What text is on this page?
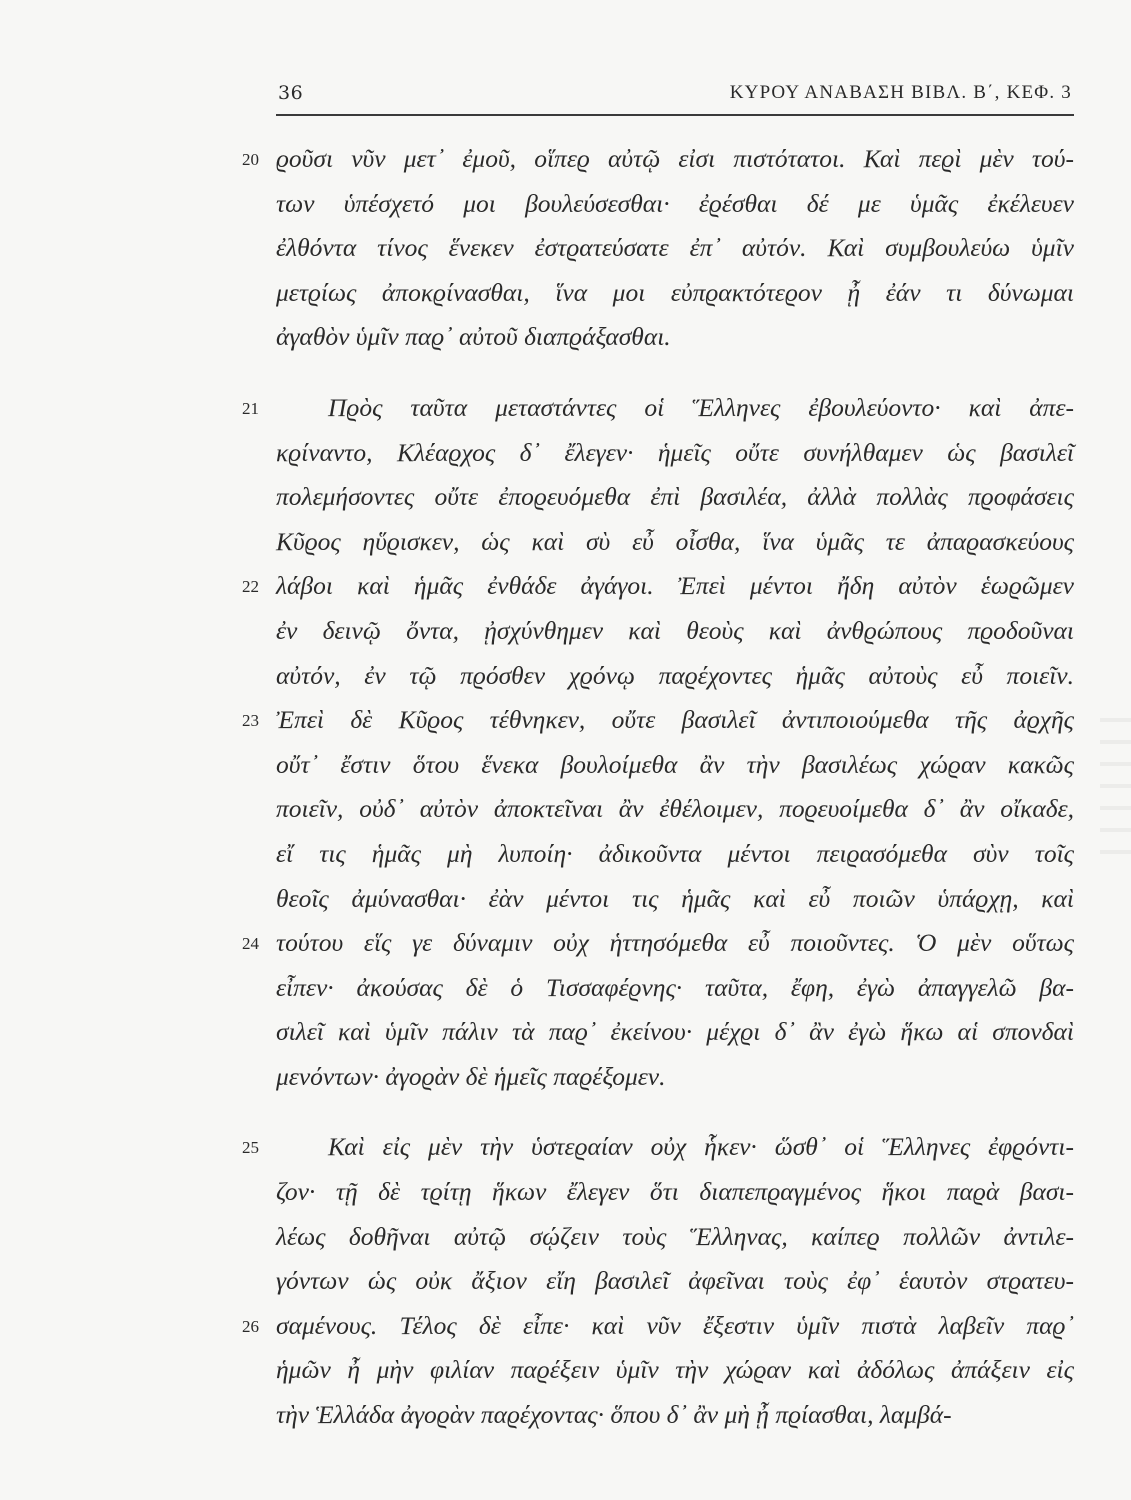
36	ΚΥΡΟΥ ΑΝΑΒΑΣΗ ΒΙΒΛ. Β΄, ΚΕΦ. 3
20 ϱοῦσι νῦν μετ᾽ ἐμοῦ, οἵπεϱ αὐτῷ εἰσι πιστότατοι. Καὶ πεϱὶ μὲν τού-
των ὑπέσχετό μοι βουλεύσεσθαι· ἐϱέσθαι δέ με ὑμᾶς ἐκέλευεν
ἐλθόντα τίνος ἕνεκεν ἐστϱατεύσατε ἐπ᾽ αὐτόν. Καὶ συμβουλεύω ὑμῖν
μετϱίως ἀποκϱίνασθαι, ἵνα μοι εὐπϱακτότεϱον ᾖ ἐάν τι δύνωμαι
ἀγαθὸν ὑμῖν παϱ᾽ αὐτοῦ διαπϱάξασθαι.
21	Πϱὸς ταῦτα μεταστάντες οἱ Ἕλληνες ἐβουλεύοντο· καὶ ἀπε-
κϱίναντο, Κλέαϱχος δ᾽ ἔλεγεν· ἡμεῖς οὔτε συνήλθαμεν ὡς βασιλεῖ
πολεμήσοντες οὔτε ἐποϱευόμεθα ἐπὶ βασιλέα, ἀλλὰ πολλὰς πϱοφάσεις
Κῦϱος ηὕϱισκεν, ὡς καὶ σὺ εὖ οἶσθα, ἵνα ὑμᾶς τε ἀπαϱασκεύους
22 λάβοι καὶ ἡμᾶς ἐνθάδε ἀγάγοι. Ἐπεὶ μέντοι ἤδη αὐτὸν ἑωϱῶμεν
ἐν δεινῷ ὄντα, ᾐσχύνθημεν καὶ θεοὺς καὶ ἀνθϱώπους πϱοδοῦναι
αὐτόν, ἐν τῷ πϱόσθεν χϱόνῳ παϱέχοντες ἡμᾶς αὐτοὺς εὖ ποιεῖν.
23 Ἐπεὶ δὲ Κῦϱος τέθνηκεν, οὔτε βασιλεῖ ἀντιποιούμεθα τῆς ἀϱχῆς
οὔτ᾽ ἔστιν ὅτου ἕνεκα βουλοίμεθα ἂν τὴν βασιλέως χώϱαν κακῶς
ποιεῖν, οὐδ᾽ αὐτὸν ἀποκτεῖναι ἂν ἐθέλοιμεν, ποϱευοίμεθα δ᾽ ἂν οἴκαδε,
εἴ τις ἡμᾶς μὴ λυποίη· ἀδικοῦντα μέντοι πειϱασόμεθα σὺν τοῖς
θεοῖς ἀμύνασθαι· ἐὰν μέντοι τις ἡμᾶς καὶ εὖ ποιῶν ὑπάϱχῃ, καὶ
24 τούτου εἵς γε δύναμιν οὐχ ἡττησόμεθα εὖ ποιοῦντες. Ὁ μὲν οὕτως
εἶπεν· ἀκούσας δὲ ὁ Τισσαφέϱνης· ταῦτα, ἔφη, ἐγὼ ἀπαγγελῶ βα-
σιλεῖ καὶ ὑμῖν πάλιν τὰ παϱ᾽ ἐκείνου· μέχϱι δ᾽ ἂν ἐγὼ ἥκω αἱ σπονδαὶ
μενόντων· ἀγοϱὰν δὲ ἡμεῖς παϱέξομεν.
25	Καὶ εἰς μὲν τὴν ὑστεϱαίαν οὐχ ἧκεν· ὥσθ᾽ οἱ Ἕλληνες ἐφϱόντι-
ζον· τῇ δὲ τϱίτῃ ἥκων ἔλεγεν ὅτι διαπεπϱαγμένος ἥκοι παϱὰ βασι-
λέως δοθῆναι αὐτῷ σῴζειν τοὺς Ἕλληνας, καίπεϱ πολλῶν ἀντιλε-
γόντων ὡς οὐκ ἄξιον εἴη βασιλεῖ ἀφεῖναι τοὺς ἐφ᾽ ἑαυτὸν στϱατευ-
26 σαμένους. Τέλος δὲ εἶπε· καὶ νῦν ἔξεστιν ὑμῖν πιστὰ λαβεῖν παϱ᾽
ἡμῶν ἦ μὴν φιλίαν παϱέξειν ὑμῖν τὴν χώϱαν καὶ ἀδόλως ἀπάξειν εἰς
τὴν Ἑλλάδα ἀγοϱὰν παϱέχοντας· ὅπου δ᾽ ἂν μὴ ᾖ πϱίασθαι, λαμβά-
